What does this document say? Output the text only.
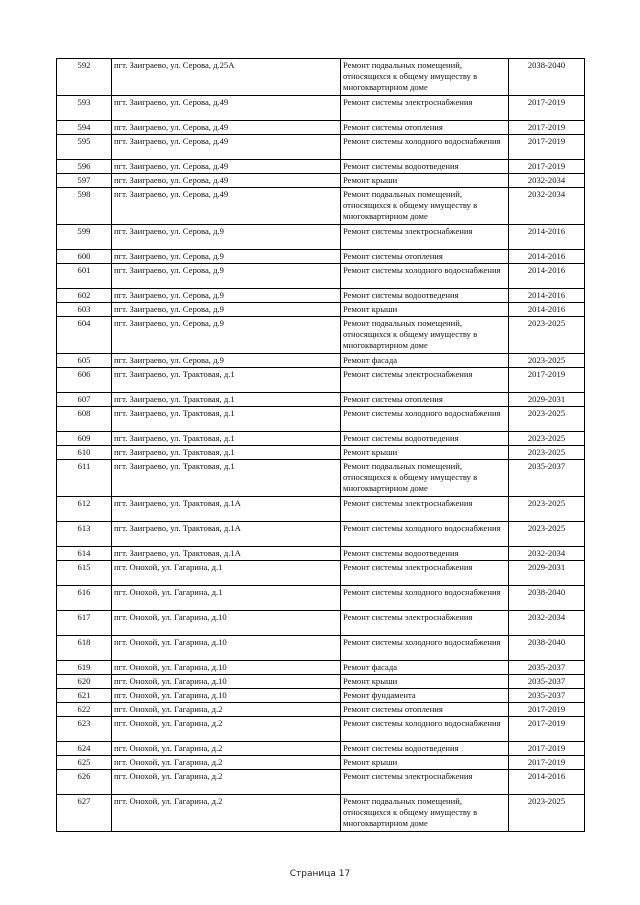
592	пгт. Заиграево, ул. Серова, д.25А	Ремонт подвальных помещений, относящихся к общему имуществу в многоквартирном доме	2038-2040
593	пгт. Заиграево, ул. Серова, д.49	Ремонт системы электроснабжения	2017-2019
594	пгт. Заиграево, ул. Серова, д.49	Ремонт системы отопления	2017-2019
595	пгт. Заиграево, ул. Серова, д.49	Ремонт системы холодного водоснабжения	2017-2019
596	пгт. Заиграево, ул. Серова, д.49	Ремонт системы водоотведения	2017-2019
597	пгт. Заиграево, ул. Серова, д.49	Ремонт крыши	2032-2034
598	пгт. Заиграево, ул. Серова, д.49	Ремонт подвальных помещений, относящихся к общему имуществу в многоквартирном доме	2032-2034
599	пгт. Заиграево, ул. Серова, д.9	Ремонт системы электроснабжения	2014-2016
600	пгт. Заиграево, ул. Серова, д.9	Ремонт системы отопления	2014-2016
601	пгт. Заиграево, ул. Серова, д.9	Ремонт системы холодного водоснабжения	2014-2016
602	пгт. Заиграево, ул. Серова, д.9	Ремонт системы водоотведения	2014-2016
603	пгт. Заиграево, ул. Серова, д.9	Ремонт крыши	2014-2016
604	пгт. Заиграево, ул. Серова, д.9	Ремонт подвальных помещений, относящихся к общему имуществу в многоквартирном доме	2023-2025
605	пгт. Заиграево, ул. Серова, д.9	Ремонт фасада	2023-2025
606	пгт. Заиграево, ул. Трактовая, д.1	Ремонт системы электроснабжения	2017-2019
607	пгт. Заиграево, ул. Трактовая, д.1	Ремонт системы отопления	2029-2031
608	пгт. Заиграево, ул. Трактовая, д.1	Ремонт системы холодного водоснабжения	2023-2025
609	пгт. Заиграево, ул. Трактовая, д.1	Ремонт системы водоотведения	2023-2025
610	пгт. Заиграево, ул. Трактовая, д.1	Ремонт крыши	2023-2025
611	пгт. Заиграево, ул. Трактовая, д.1	Ремонт подвальных помещений, относящихся к общему имуществу в многоквартирном доме	2035-2037
612	пгт. Заиграево, ул. Трактовая, д.1А	Ремонт системы электроснабжения	2023-2025
613	пгт. Заиграево, ул. Трактовая, д.1А	Ремонт системы холодного водоснабжения	2023-2025
614	пгт. Заиграево, ул. Трактовая, д.1А	Ремонт системы водоотведения	2032-2034
615	пгт. Онохой, ул. Гагарина, д.1	Ремонт системы электроснабжения	2029-2031
616	пгт. Онохой, ул. Гагарина, д.1	Ремонт системы холодного водоснабжения	2038-2040
617	пгт. Онохой, ул. Гагарина, д.10	Ремонт системы электроснабжения	2032-2034
618	пгт. Онохой, ул. Гагарина, д.10	Ремонт системы холодного водоснабжения	2038-2040
619	пгт. Онохой, ул. Гагарина, д.10	Ремонт фасада	2035-2037
620	пгт. Онохой, ул. Гагарина, д.10	Ремонт крыши	2035-2037
621	пгт. Онохой, ул. Гагарина, д.10	Ремонт фундамента	2035-2037
622	пгт. Онохой, ул. Гагарина, д.2	Ремонт системы отопления	2017-2019
623	пгт. Онохой, ул. Гагарина, д.2	Ремонт системы холодного водоснабжения	2017-2019
624	пгт. Онохой, ул. Гагарина, д.2	Ремонт системы водоотведения	2017-2019
625	пгт. Онохой, ул. Гагарина, д.2	Ремонт крыши	2017-2019
626	пгт. Онохой, ул. Гагарина, д.2	Ремонт системы электроснабжения	2014-2016
627	пгт. Онохой, ул. Гагарина, д.2	Ремонт подвальных помещений, относящихся к общему имуществу в многоквартирном доме	2023-2025
Страница 17
